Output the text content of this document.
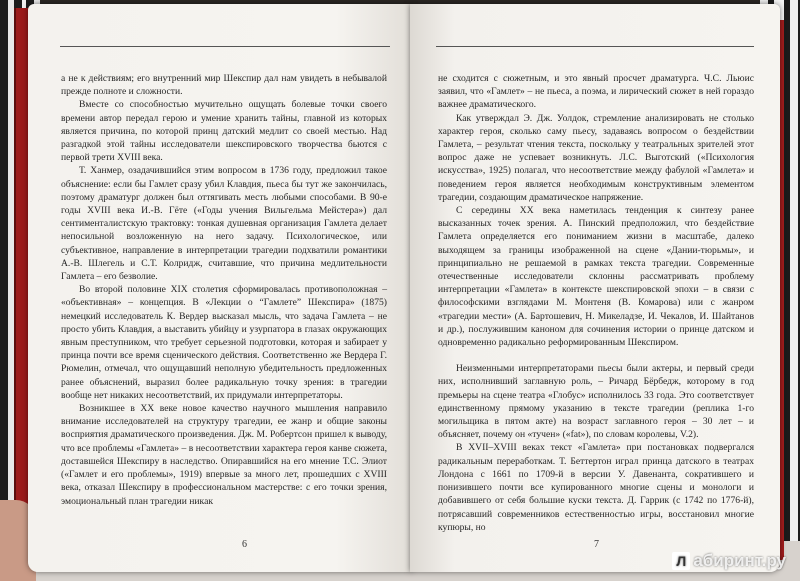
а не к действиям; его внутренний мир Шекспир дал нам увидеть в небывалой прежде полноте и сложности.

Вместе со способностью мучительно ощущать болевые точки своего времени автор передал герою и умение хранить тайны, главной из которых является причина, по которой принц датский медлит со своей местью. Над разгадкой этой тайны исследователи шекспировского творчества бьются с первой трети XVIII века.

Т. Ханмер, озадачившийся этим вопросом в 1736 году, предложил такое объяснение: если бы Гамлет сразу убил Клавдия, пьеса бы тут же закончилась, поэтому драматург должен был оттягивать месть любыми способами. В 90-е годы XVIII века И.-В. Гёте («Годы учения Вильгельма Мейстера») дал сентименталистскую трактовку: тонкая душевная организация Гамлета делает непосильной возложенную на него задачу. Психологическое, или субъективное, направление в интерпретации трагедии подхватили романтики А.-В. Шлегель и С.Т. Колридж, считавшие, что причина медлительности Гамлета – его безволие.

Во второй половине XIX столетия сформировалась противоположная – «объективная» – концепция. В «Лекции о “Гамлете” Шекспира» (1875) немецкий исследователь К. Вердер высказал мысль, что задача Гамлета – не просто убить Клавдия, а выставить убийцу и узурпатора в глазах окружающих явным преступником, что требует серьезной подготовки, которая и забирает у принца почти все время сценического действия. Соответственно же Вердера Г. Рюмелин, отмечал, что ощущавший неполную убедительность предложенных ранее объяснений, выразил более радикальную точку зрения: в трагедии вообще нет никаких несоответствий, их придумали интерпретаторы.

Возникшее в XX веке новое качество научного мышления направило внимание исследователей на структуру трагедии, ее жанр и общие законы восприятия драматического произведения. Дж. М. Робертсон пришел к выводу, что все проблемы «Гамлета» – в несоответствии характера героя канве сюжета, доставшейся Шекспиру в наследство. Опиравшийся на его мнение Т.С. Элиот («Гамлет и его проблемы», 1919) впервые за много лет, прошедших с XVIII века, отказал Шекспиру в профессиональном мастерстве: с его точки зрения, эмоциональный план трагедии никак

6

не сходится с сюжетным, и это явный просчет драматурга. Ч.С. Льюис заявил, что «Гамлет» – не пьеса, а поэма, и лирический сюжет в ней гораздо важнее драматического.

Как утверждал Э. Дж. Уолдок, стремление анализировать не столько характер героя, сколько саму пьесу, задаваясь вопросом о бездействии Гамлета, – результат чтения текста, поскольку у театральных зрителей этот вопрос даже не успевает возникнуть. Л.С. Выготский («Психология искусства», 1925) полагал, что несоответствие между фабулой «Гамлета» и поведением героя является необходимым конструктивным элементом трагедии, создающим драматическое напряжение.

С середины XX века наметилась тенденция к синтезу ранее высказанных точек зрения. А. Пинский предположил, что бездействие Гамлета определяется его пониманием жизни в масштабе, далеко выходящем за границы изображенной на сцене «Дании-тюрьмы», и принципиально не решаемой в рамках текста трагедии. Современные отечественные исследователи склонны рассматривать проблему интерпретации «Гамлета» в контексте шекспировской эпохи – в связи с философскими взглядами М. Монтеня (В. Комарова) или с жанром «трагедии мести» (А. Бартошевич, Н. Микеладзе, И. Чекалов, И. Шайтанов и др.), послужившим каноном для сочинения истории о принце датском и одновременно радикально реформированным Шекспиром.

Неизменными интерпретаторами пьесы были актеры, и первый среди них, исполнивший заглавную роль, – Ричард Бёрбедж, которому в год премьеры на сцене театра «Глобус» исполнилось 33 года. Это соответствует единственному прямому указанию в тексте трагедии (реплика 1-го могильщика в пятом акте) на возраст заглавного героя – 30 лет – и объясняет, почему он «тучен» («fat»), по словам королевы, V.2).

В XVII–XVIII веках текст «Гамлета» при постановках подвергался радикальным переработкам. Т. Беттертон играл принца датского в театрах Лондона с 1661 по 1709-й в версии У. Давенанта, сократившего и понизившего почти все купированного многие сцены и монологи и добавившего от себя большие куски текста. Д. Гаррик (с 1742 по 1776-й), потрясавший современников естественностью игры, восстановил многие купюры, но

7
Л абиринт.ру
